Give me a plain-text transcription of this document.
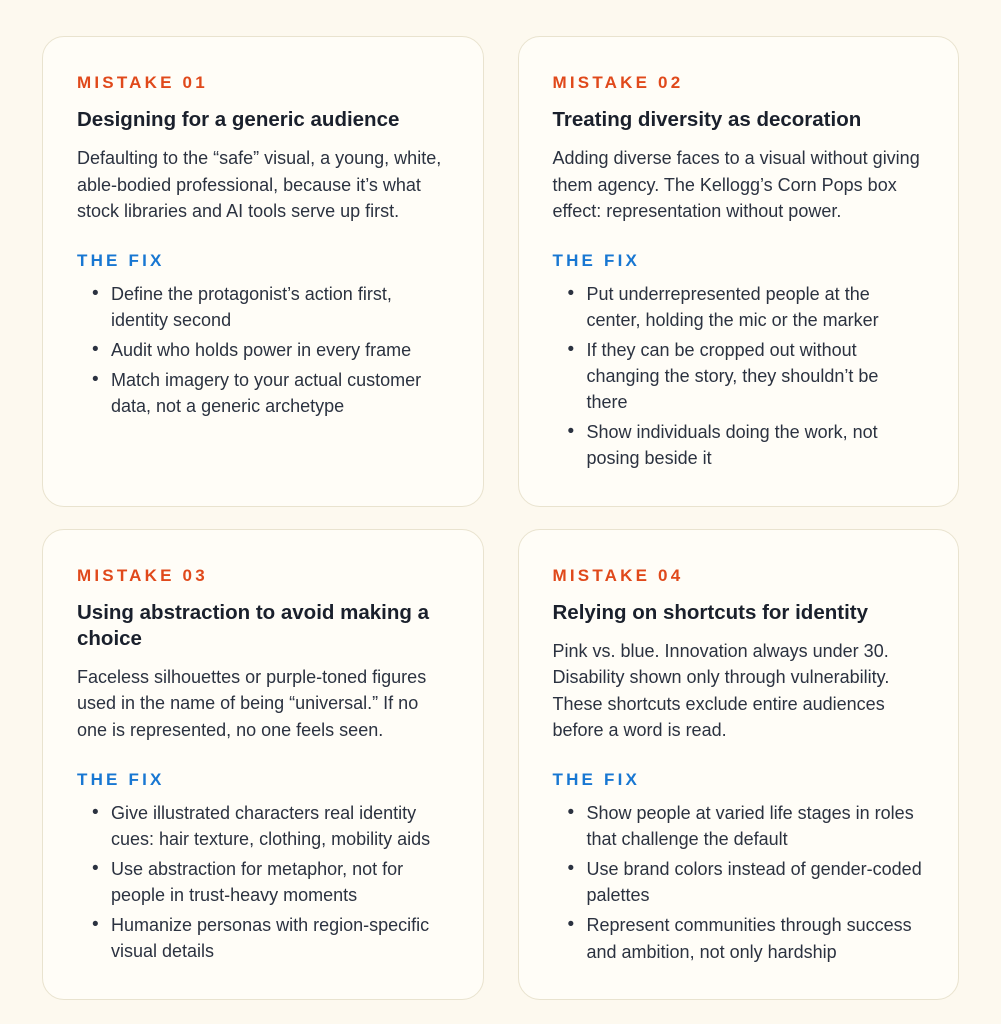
MISTAKE 01
Designing for a generic audience

Defaulting to the “safe” visual, a young, white, able-bodied professional, because it’s what stock libraries and AI tools serve up first.

THE FIX
• Define the protagonist’s action first, identity second
• Audit who holds power in every frame
• Match imagery to your actual customer data, not a generic archetype
MISTAKE 02
Treating diversity as decoration

Adding diverse faces to a visual without giving them agency. The Kellogg’s Corn Pops box effect: representation without power.

THE FIX
• Put underrepresented people at the center, holding the mic or the marker
• If they can be cropped out without changing the story, they shouldn’t be there
• Show individuals doing the work, not posing beside it
MISTAKE 03
Using abstraction to avoid making a choice

Faceless silhouettes or purple-toned figures used in the name of being “universal.” If no one is represented, no one feels seen.

THE FIX
• Give illustrated characters real identity cues: hair texture, clothing, mobility aids
• Use abstraction for metaphor, not for people in trust-heavy moments
• Humanize personas with region-specific visual details
MISTAKE 04
Relying on shortcuts for identity

Pink vs. blue. Innovation always under 30. Disability shown only through vulnerability. These shortcuts exclude entire audiences before a word is read.

THE FIX
• Show people at varied life stages in roles that challenge the default
• Use brand colors instead of gender-coded palettes
• Represent communities through success and ambition, not only hardship
